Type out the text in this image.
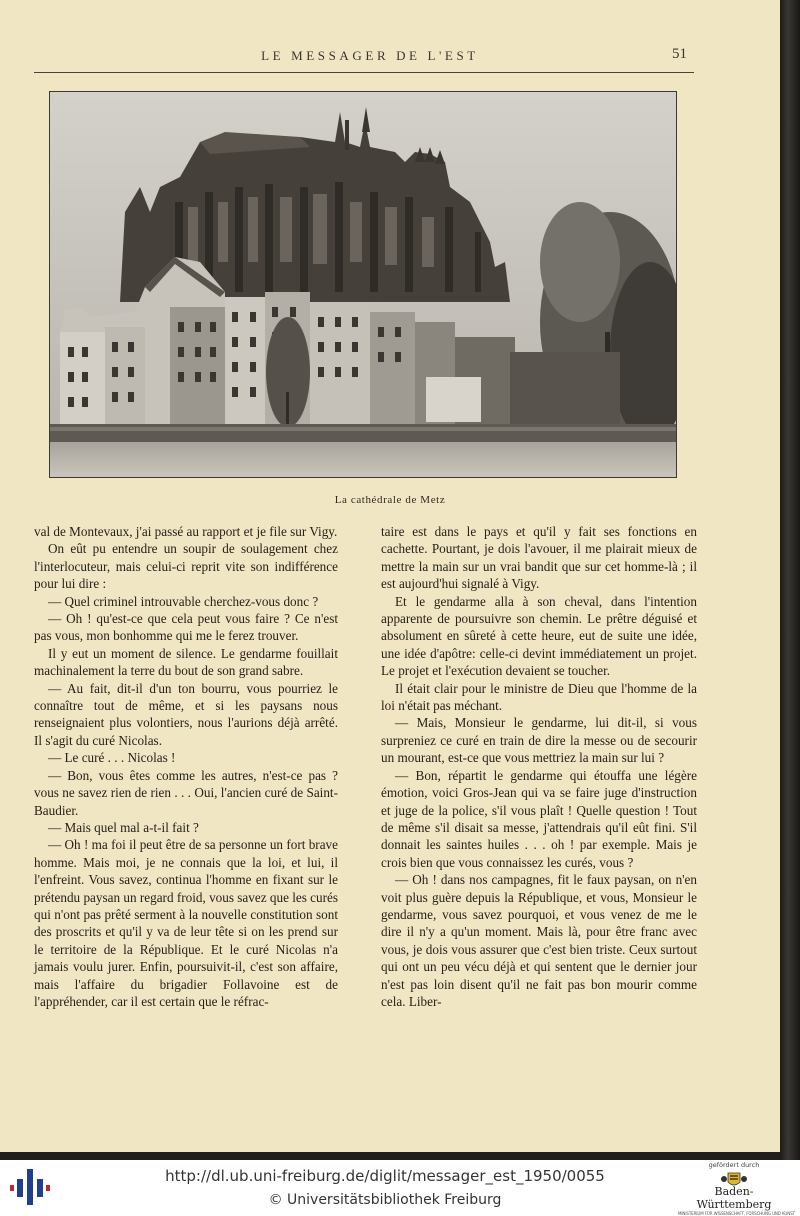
LE MESSAGER DE L'EST	51
La cathédrale de Metz

val de Montevaux, j'ai passé au rapport et je file sur Vigy.

On eût pu entendre un soupir de soulagement chez l'interlocuteur, mais celui-ci reprit vite son indifférence pour lui dire :

— Quel criminel introuvable cherchez-vous donc ?

— Oh ! qu'est-ce que cela peut vous faire ? Ce n'est pas vous, mon bonhomme qui me le ferez trouver.

Il y eut un moment de silence. Le gendarme fouillait machinalement la terre du bout de son grand sabre.

— Au fait, dit-il d'un ton bourru, vous pourriez le connaître tout de même, et si les paysans nous renseignaient plus volontiers, nous l'aurions déjà arrêté. Il s'agit du curé Nicolas.

— Le curé . . . Nicolas !

— Bon, vous êtes comme les autres, n'est-ce pas ? vous ne savez rien de rien . . . Oui, l'ancien curé de Saint-Baudier.

— Mais quel mal a-t-il fait ?

— Oh ! ma foi il peut être de sa personne un fort brave homme. Mais moi, je ne connais que la loi, et lui, il l'enfreint. Vous savez, continua l'homme en fixant sur le prétendu paysan un regard froid, vous savez que les curés qui n'ont pas prêté serment à la nouvelle constitution sont des proscrits et qu'il y va de leur tête si on les prend sur le territoire de la République. Et le curé Nicolas n'a jamais voulu jurer. Enfin, poursuivit-il, c'est son affaire, mais l'affaire du brigadier Follavoine est de l'appréhender, car il est certain que le réfrac-

taire est dans le pays et qu'il y fait ses fonctions en cachette. Pourtant, je dois l'avouer, il me plairait mieux de mettre la main sur un vrai bandit que sur cet homme-là ; il est aujourd'hui signalé à Vigy.

Et le gendarme alla à son cheval, dans l'intention apparente de poursuivre son chemin. Le prêtre déguisé et absolument en sûreté à cette heure, eut de suite une idée, une idée d'apôtre: celle-ci devint immédiatement un projet. Le projet et l'exécution devaient se toucher.

Il était clair pour le ministre de Dieu que l'homme de la loi n'était pas méchant.

— Mais, Monsieur le gendarme, lui dit-il, si vous surpreniez ce curé en train de dire la messe ou de secourir un mourant, est-ce que vous mettriez la main sur lui ?

— Bon, répartit le gendarme qui étouffa une légère émotion, voici Gros-Jean qui va se faire juge d'instruction et juge de la police, s'il vous plaît ! Quelle question ! Tout de même s'il disait sa messe, j'attendrais qu'il eût fini. S'il donnait les saintes huiles . . . oh ! par exemple. Mais je crois bien que vous connaissez les curés, vous ?

— Oh ! dans nos campagnes, fit le faux paysan, on n'en voit plus guère depuis la République, et vous, Monsieur le gendarme, vous savez pourquoi, et vous venez de me le dire il n'y a qu'un moment. Mais là, pour être franc avec vous, je dois vous assurer que c'est bien triste. Ceux surtout qui ont un peu vécu déjà et qui sentent que le dernier jour n'est pas loin disent qu'il ne fait pas bon mourir comme cela. Liber-

http://dl.ub.uni-freiburg.de/diglit/messager_est_1950/0055
© Universitätsbibliothek Freiburg
gefördert durch
Baden-Württemberg
MINISTERIUM FÜR WISSENSCHAFT, FORSCHUNG UND KUNST
